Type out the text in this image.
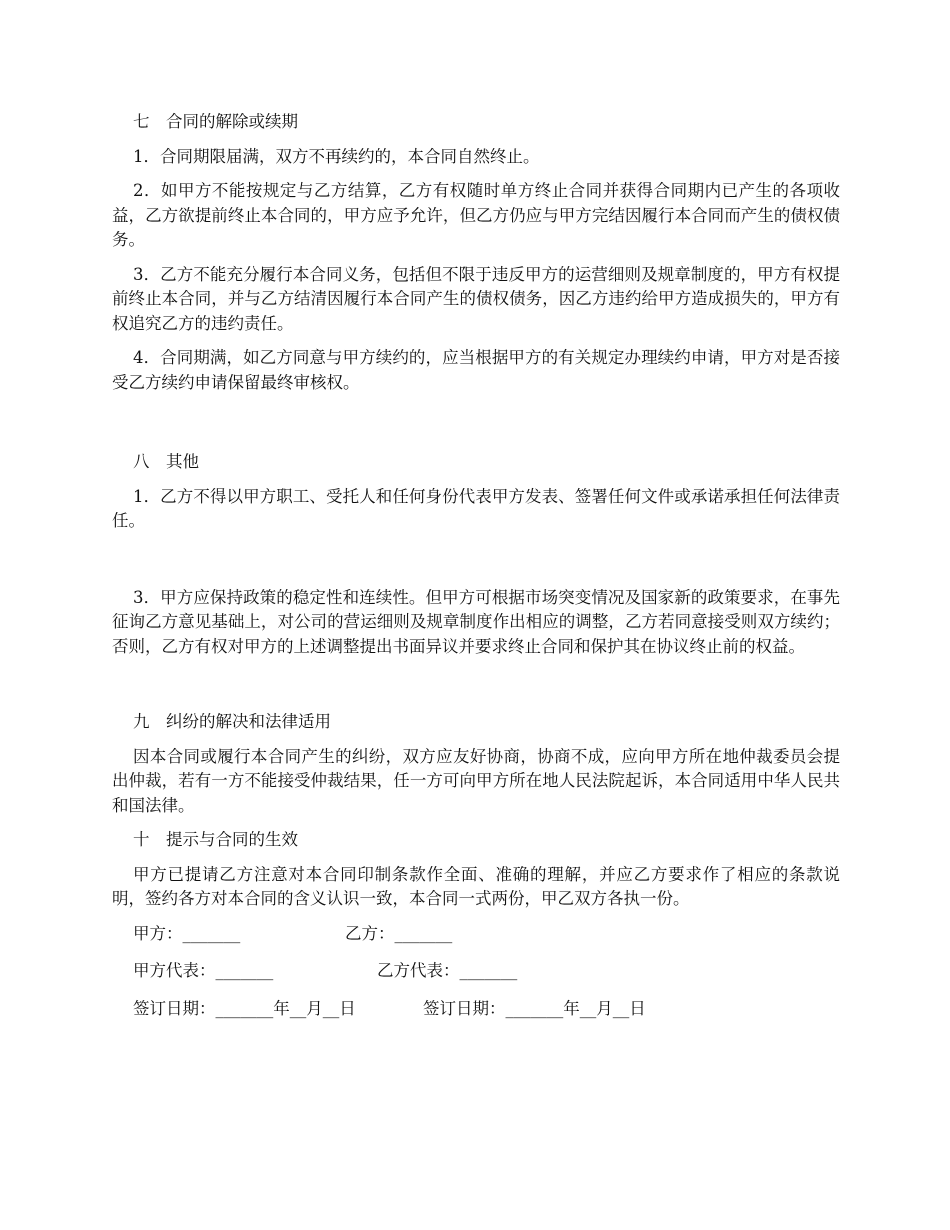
七　合同的解除或续期

1．合同期限届满，双方不再续约的，本合同自然终止。

2．如甲方不能按规定与乙方结算，乙方有权随时单方终止合同并获得合同期内已产生的各项收益，乙方欲提前终止本合同的，甲方应予允许，但乙方仍应与甲方完结因履行本合同而产生的债权债务。

3．乙方不能充分履行本合同义务，包括但不限于违反甲方的运营细则及规章制度的，甲方有权提前终止本合同，并与乙方结清因履行本合同产生的债权债务，因乙方违约给甲方造成损失的，甲方有权追究乙方的违约责任。

4．合同期满，如乙方同意与甲方续约的，应当根据甲方的有关规定办理续约申请，甲方对是否接受乙方续约申请保留最终审核权。

八　其他

1．乙方不得以甲方职工、受托人和任何身份代表甲方发表、签署任何文件或承诺承担任何法律责任。

3．甲方应保持政策的稳定性和连续性。但甲方可根据市场突变情况及国家新的政策要求，在事先征询乙方意见基础上，对公司的营运细则及规章制度作出相应的调整，乙方若同意接受则双方续约；否则，乙方有权对甲方的上述调整提出书面异议并要求终止合同和保护其在协议终止前的权益。

九　纠纷的解决和法律适用

因本合同或履行本合同产生的纠纷，双方应友好协商，协商不成，应向甲方所在地仲裁委员会提出仲裁，若有一方不能接受仲裁结果，任一方可向甲方所在地人民法院起诉，本合同适用中华人民共和国法律。

十　提示与合同的生效

甲方已提请乙方注意对本合同印制条款作全面、准确的理解，并应乙方要求作了相应的条款说明，签约各方对本合同的含义认识一致，本合同一式两份，甲乙双方各执一份。

甲方：_______	乙方：_______
甲方代表：_______	乙方代表：_______
签订日期：_______年__月__日	签订日期：_______年__月__日
